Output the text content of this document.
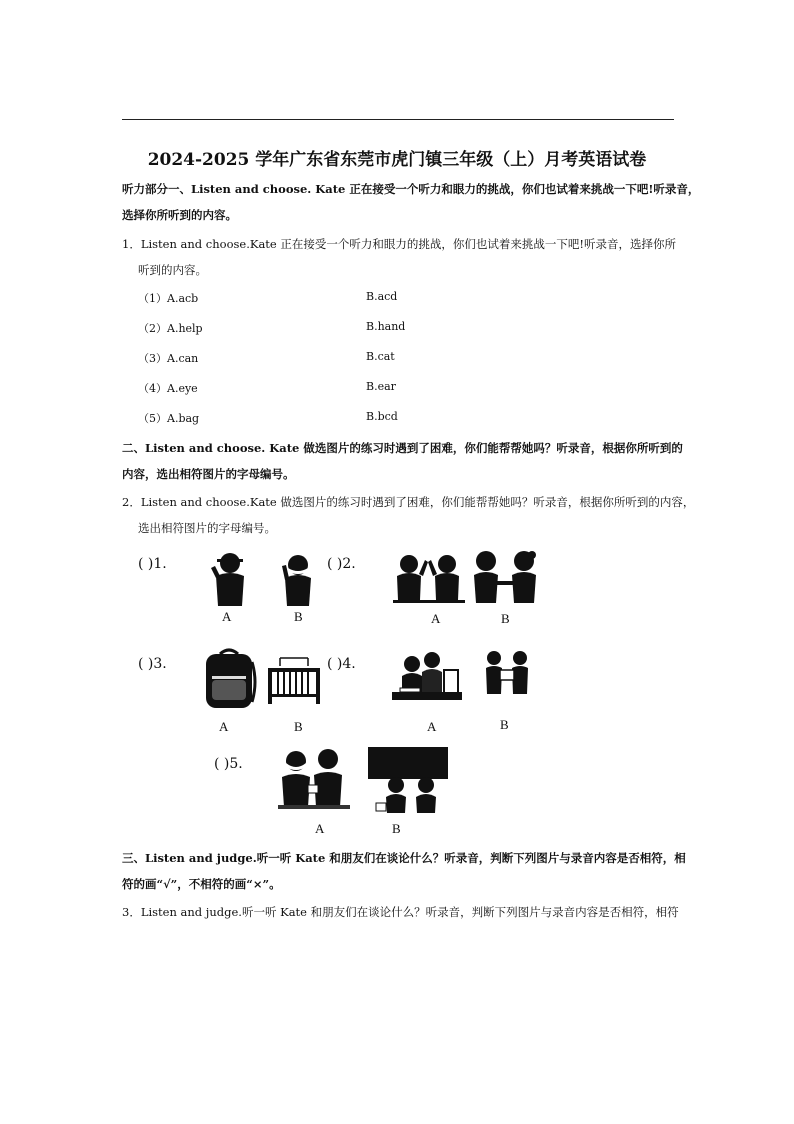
2024-2025 学年广东省东莞市虎门镇三年级（上）月考英语试卷
听力部分一、Listen and choose. Kate 正在接受一个听力和眼力的挑战，你们也试着来挑战一下吧!听录音，
选择你所听到的内容。
1．Listen and choose.Kate 正在接受一个听力和眼力的挑战，你们也试着来挑战一下吧!听录音，选择你所
听到的内容。
（1）A.acb	B.acd
（2）A.help	B.hand
（3）A.can	B.cat
（4）A.eye	B.ear
（5）A.bag	B.bcd
二、Listen and choose. Kate 做选图片的练习时遇到了困难，你们能帮帮她吗？听录音，根据你所听到的
内容，选出相符图片的字母编号。
2．Listen and choose.Kate 做选图片的练习时遇到了困难，你们能帮帮她吗？听录音，根据你所听到的内容，
选出相符图片的字母编号。
( )1.
A	B
( )2.
A	B
( )3.
A	B
( )4.
A	B
( )5.
A	B
三、Listen and judge.听一听 Kate 和朋友们在谈论什么？听录音，判断下列图片与录音内容是否相符，相
符的画“√”，不相符的画“×”。
3．Listen and judge.听一听 Kate 和朋友们在谈论什么？听录音，判断下列图片与录音内容是否相符，相符
